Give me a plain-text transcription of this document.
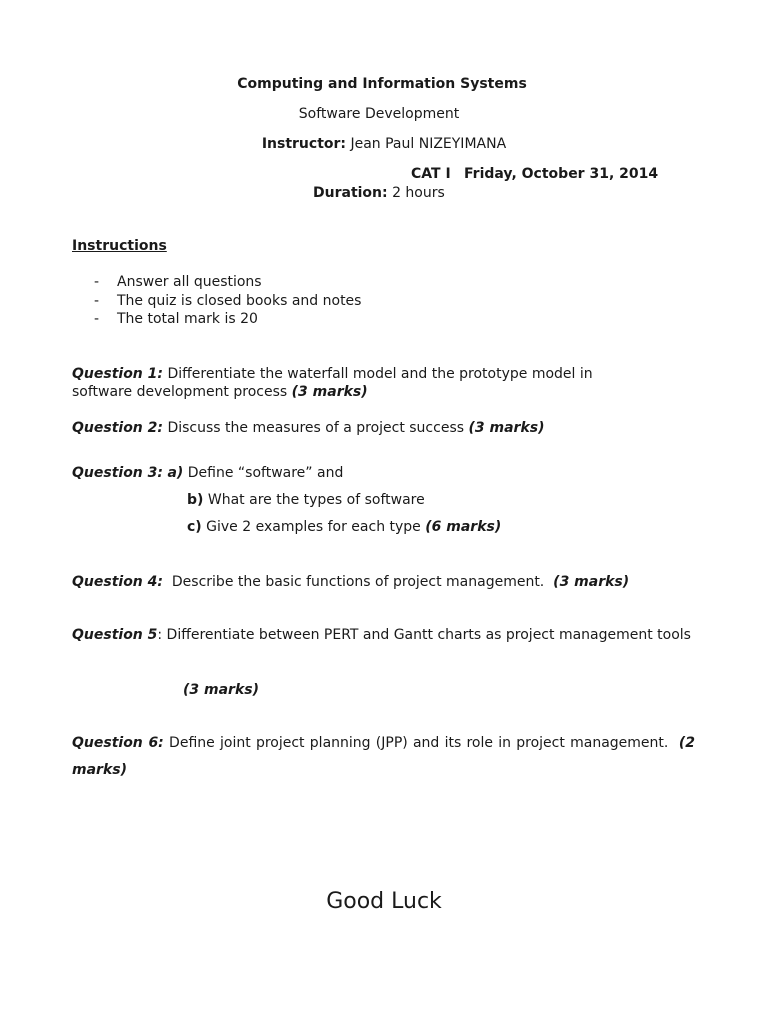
Computing and Information Systems
Software Development
Instructor: Jean Paul NIZEYIMANA
CAT I Friday, October 31, 2014
Duration: 2 hours
Instructions
-	Answer all questions
-	The quiz is closed books and notes
-	The total mark is 20
Question 1: Differentiate the waterfall model and the prototype model in
software development process (3 marks)
Question 2: Discuss the measures of a project success (3 marks)
Question 3: a) Define “software” and
b) What are the types of software
c) Give 2 examples for each type (6 marks)
Question 4: Describe the basic functions of project management. (3 marks)
Question 5: Differentiate between PERT and Gantt charts as project management tools
(3 marks)
Question 6: Define joint project planning (JPP) and its role in project management. (2 marks)
Good Luck
